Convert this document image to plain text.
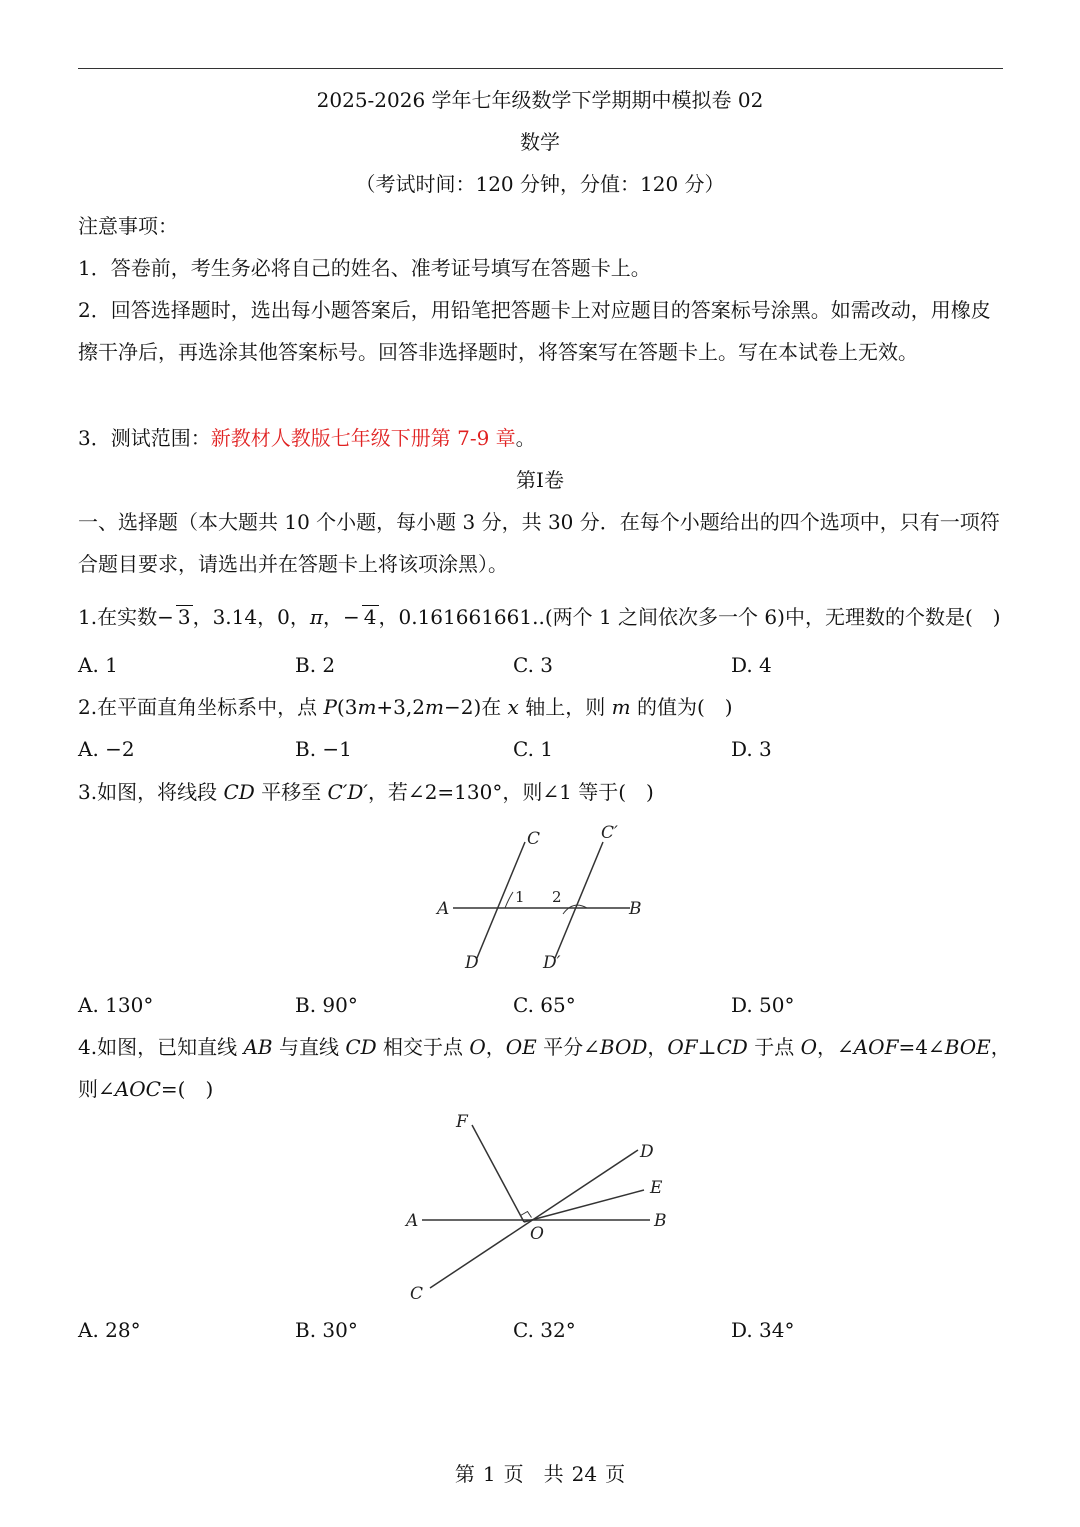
2025-2026 学年七年级数学下学期期中模拟卷 02
数学
（考试时间：120 分钟，分值：120 分）
注意事项：
1．答卷前，考生务必将自己的姓名、准考证号填写在答题卡上。
2．回答选择题时，选出每小题答案后，用铅笔把答题卡上对应题目的答案标号涂黑。如需改动，用橡皮擦干净后，再选涂其他答案标号。回答非选择题时，将答案写在答题卡上。写在本试卷上无效。
3．测试范围：新教材人教版七年级下册第 7-9 章。
第Ⅰ卷
一、选择题（本大题共 10 个小题，每小题 3 分，共 30 分．在每个小题给出的四个选项中，只有一项符合题目要求，请选出并在答题卡上将该项涂黑）。
1.在实数− 3 ，3.14，0，π，− 4 ，0.161661661..(两个 1 之间依次多一个 6)中，无理数的个数是(　)
A. 1	B. 2	C. 3	D. 4
2.在平面直角坐标系中，点 P(3m+3,2m−2)在 x 轴上，则 m 的值为(　)
A. −2	B. −1	C. 1	D. 3
3.如图，将线段 CD 平移至 C′D′，若∠2=130°，则∠1 等于(　)
C	C′
A	B
1 2
D	D′
A. 130°	B. 90°	C. 65°	D. 50°
4.如图，已知直线 AB 与直线 CD 相交于点 O，OE 平分∠BOD，OF⊥CD 于点 O，∠AOF=4∠BOE，
则∠AOC=(　)
F
D
E
A	B
O
C
A. 28°	B. 30°	C. 32°	D. 34°
第 1 页　共 24 页
